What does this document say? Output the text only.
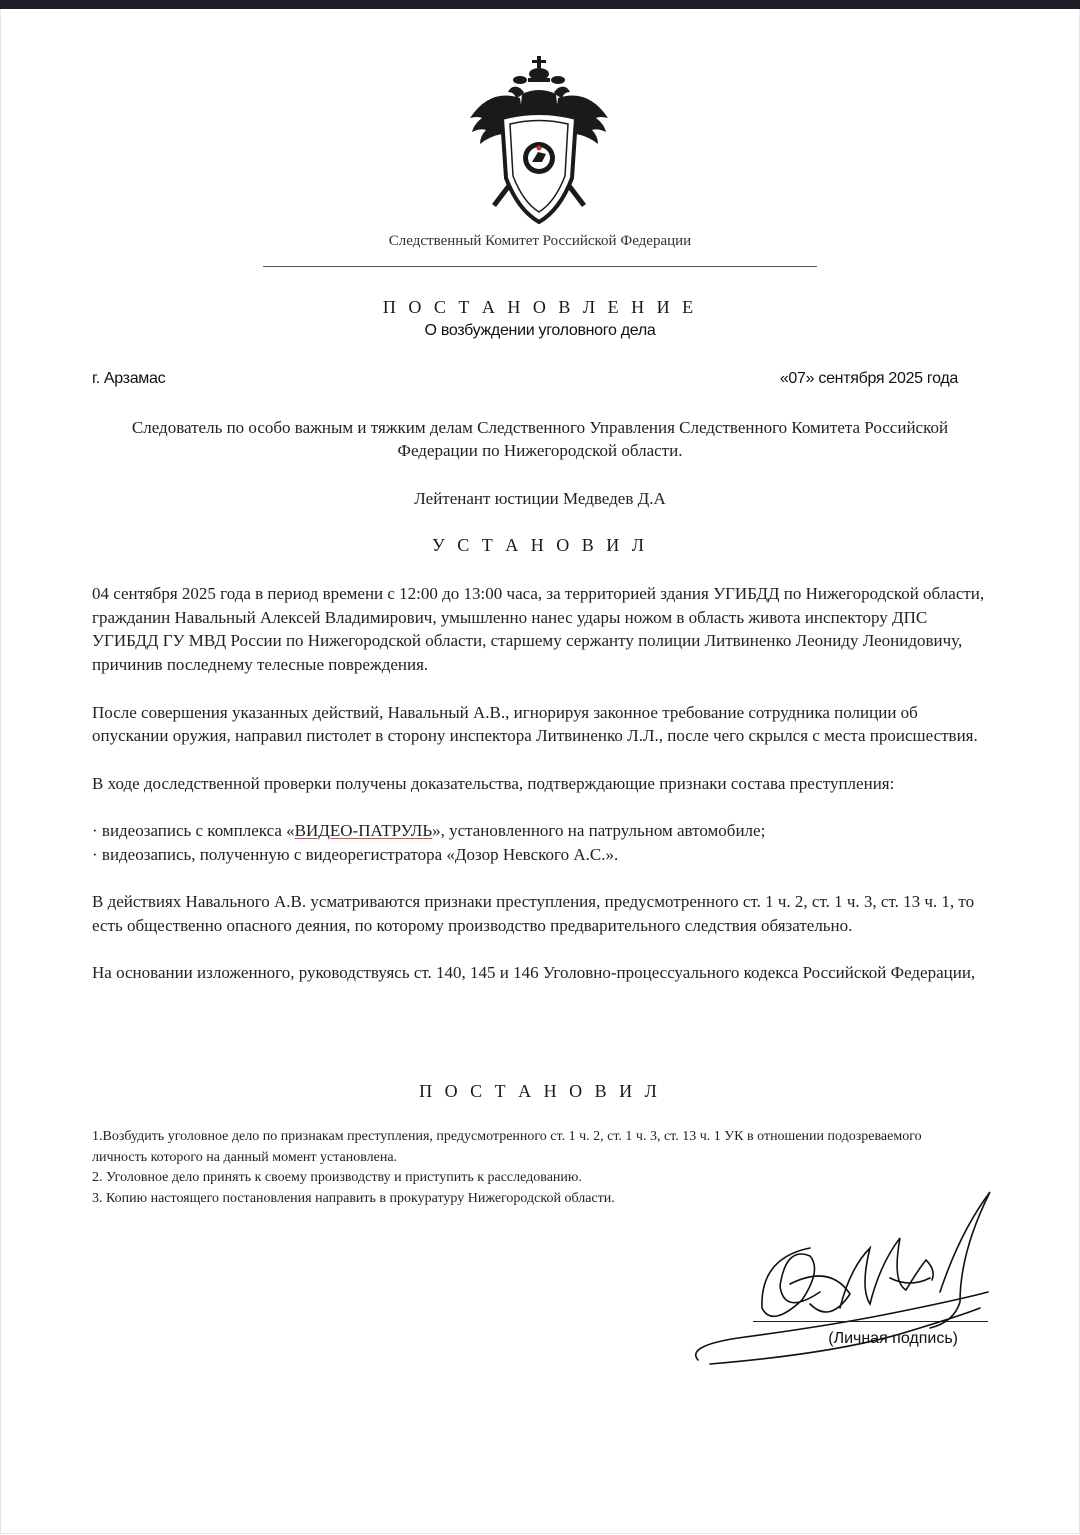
Следственный Комитет Российской Федерации
П О С Т А Н О В Л Е Н И Е
О возбуждении уголовного дела
г. Арзамас	«07» сентября 2025 года
Следователь по особо важным и тяжким делам Следственного Управления Следственного Комитета Российской Федерации по Нижегородской области.
Лейтенант юстиции Медведев Д.А
У С Т А Н О В И Л

04 сентября 2025 года в период времени с 12:00 до 13:00 часа, за территорией здания УГИБДД по Нижегородской области, гражданин Навальный Алексей Владимирович, умышленно нанес удары ножом в область живота инспектору ДПС УГИБДД ГУ МВД России по Нижегородской области, старшему сержанту полиции Литвиненко Леониду Леонидовичу, причинив последнему телесные повреждения.

После совершения указанных действий, Навальный А.В., игнорируя законное требование сотрудника полиции об опускании оружия, направил пистолет в сторону инспектора Литвиненко Л.Л., после чего скрылся с места происшествия.

В ходе доследственной проверки получены доказательства, подтверждающие признаки состава преступления:

· видеозапись с комплекса «ВИДЕО-ПАТРУЛЬ», установленного на патрульном автомобиле;

· видеозапись, полученную с видеорегистратора «Дозор Невского А.С.».

В действиях Навального А.В. усматриваются признаки преступления, предусмотренного ст. 1 ч. 2, ст. 1 ч. 3, ст. 13 ч. 1, то есть общественно опасного деяния, по которому производство предварительного следствия обязательно.

На основании изложенного, руководствуясь ст. 140, 145 и 146 Уголовно-процессуального кодекса Российской Федерации,

П О С Т А Н О В И Л
1.Возбудить уголовное дело по признакам преступления, предусмотренного ст. 1 ч. 2, ст. 1 ч. 3, ст. 13 ч. 1 УК в отношении подозреваемого личность которого на данный момент установлена.
2. Уголовное дело принять к своему производству и приступить к расследованию.
3. Копию настоящего постановления направить в прокуратуру Нижегородской области.
(Личная подпись)
